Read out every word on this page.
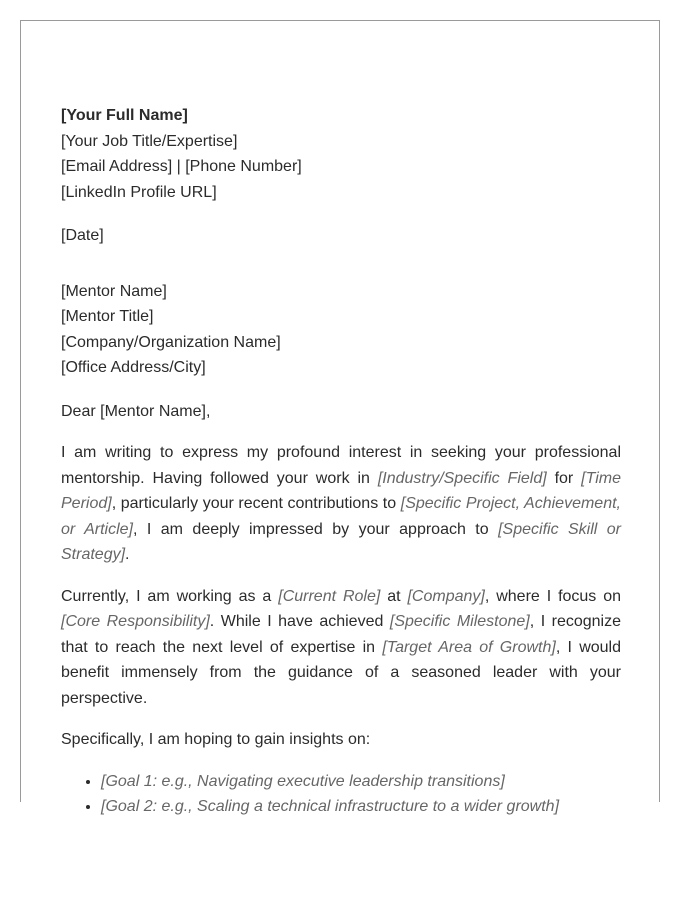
[Your Full Name]

[Your Job Title/Expertise]

[Email Address] | [Phone Number]

[LinkedIn Profile URL]

[Date]

[Mentor Name]

[Mentor Title]

[Company/Organization Name]

[Office Address/City]

Dear [Mentor Name],

I am writing to express my profound interest in seeking your professional mentorship. Having followed your work in [Industry/Specific Field] for [Time Period], particularly your recent contributions to [Specific Project, Achievement, or Article], I am deeply impressed by your approach to [Specific Skill or Strategy].

Currently, I am working as a [Current Role] at [Company], where I focus on [Core Responsibility]. While I have achieved [Specific Milestone], I recognize that to reach the next level of expertise in [Target Area of Growth], I would benefit immensely from the guidance of a seasoned leader with your perspective.

Specifically, I am hoping to gain insights on:

• [Goal 1: e.g., Navigating executive leadership transitions]
• [Goal 2: e.g., Scaling a technical infrastructure to a wider growth]
